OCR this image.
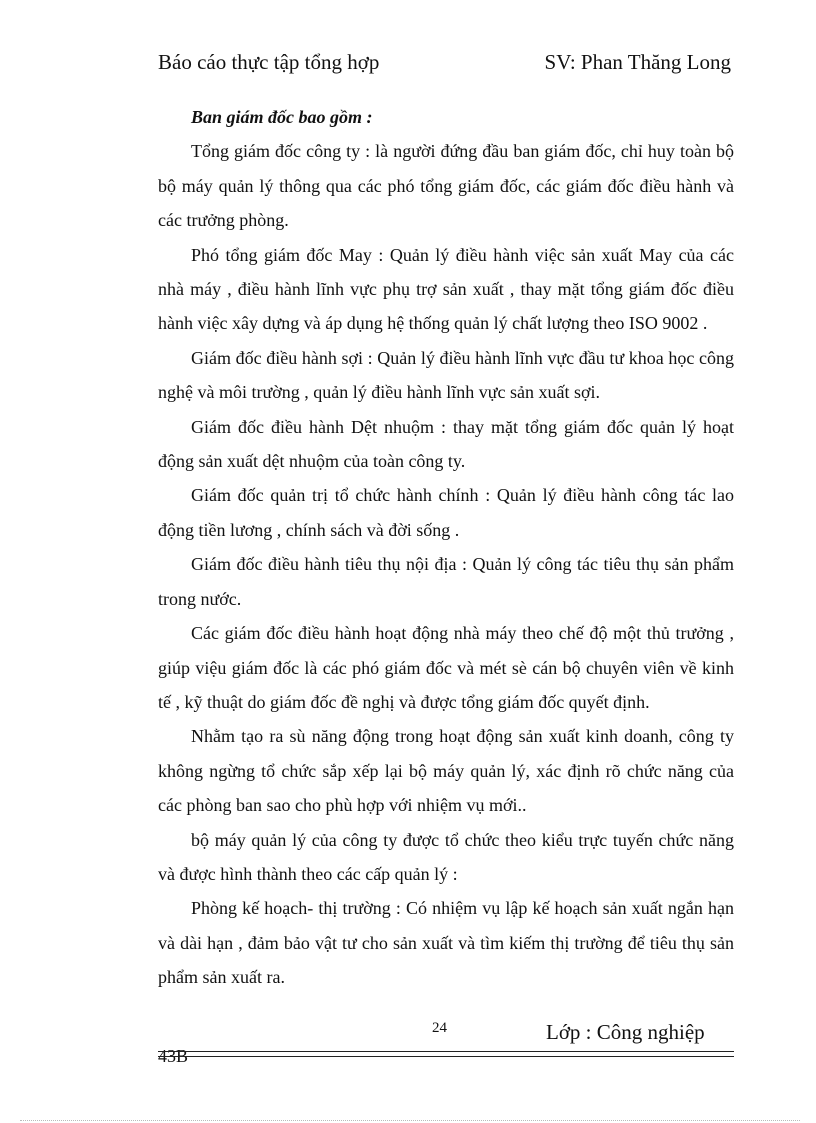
Báo cáo thực tập tổng hợp	SV: Phan Thăng Long

Ban giám đốc bao gồm :

Tổng giám đốc công ty : là người đứng đầu ban giám đốc, chỉ huy toàn bộ bộ máy quản lý thông qua các phó tổng giám đốc, các giám đốc điều hành và các trưởng phòng.

Phó tổng giám đốc May : Quản lý điều hành việc sản xuất May của các nhà máy , điều hành lĩnh vực phụ trợ sản xuất , thay mặt tổng giám đốc điều hành việc xây dựng và áp dụng hệ thống quản lý chất lượng theo ISO 9002 .

Giám đốc điều hành sợi : Quản lý điều hành lĩnh vực đầu tư khoa học công nghệ và môi trường , quản lý điều hành lĩnh vực sản xuất sợi.

Giám đốc điều hành Dệt nhuộm : thay mặt tổng giám đốc quản lý hoạt động sản xuất dệt nhuộm của toàn công ty.

Giám đốc quản trị tổ chức hành chính : Quản lý điều hành công tác lao động tiền lương , chính sách và đời sống .

Giám đốc điều hành tiêu thụ nội địa : Quản lý công tác tiêu thụ sản phẩm trong nước.

Các giám đốc điều hành hoạt động nhà máy theo chế độ một thủ trưởng , giúp việu giám đốc là các phó giám đốc và mét sè cán bộ chuyên viên về kinh tế , kỹ thuật do giám đốc đề nghị và được tổng giám đốc quyết định.

Nhằm tạo ra sù năng động trong hoạt động sản xuất kinh doanh, công ty không ngừng tổ chức sắp xếp lại bộ máy quản lý, xác định rõ chức năng của các phòng ban sao cho phù hợp với nhiệm vụ mới..

bộ máy quản lý của công ty được tổ chức theo kiểu trực tuyến chức năng và được hình thành theo các cấp quản lý :

Phòng kế hoạch- thị trường : Có nhiệm vụ lập kế hoạch sản xuất ngắn hạn và dài hạn , đảm bảo vật tư cho sản xuất và tìm kiếm thị trường để tiêu thụ sản phẩm sản xuất ra.

24	Lớp : Công nghiệp
43B
